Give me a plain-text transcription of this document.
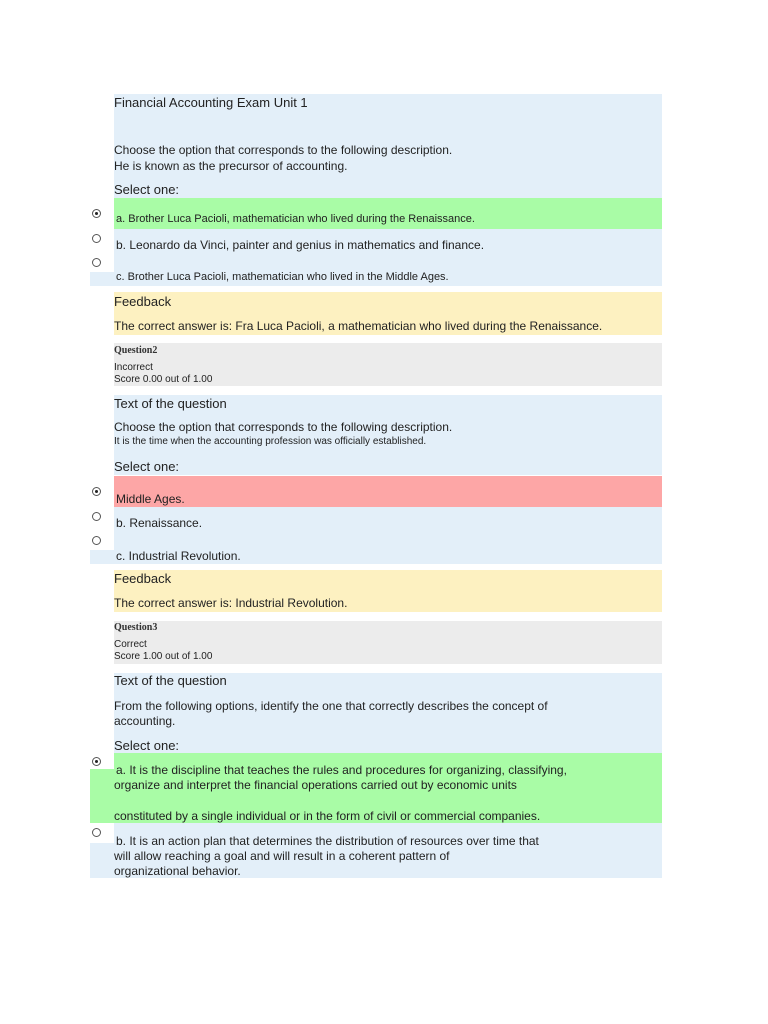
Financial Accounting Exam Unit 1
Choose the option that corresponds to the following description.
He is known as the precursor of accounting.
Select one:
a. Brother Luca Pacioli, mathematician who lived during the Renaissance.
b. Leonardo da Vinci, painter and genius in mathematics and finance.
c. Brother Luca Pacioli, mathematician who lived in the Middle Ages.
Feedback
The correct answer is: Fra Luca Pacioli, a mathematician who lived during the Renaissance.
Question2
Incorrect
Score 0.00 out of 1.00
Text of the question
Choose the option that corresponds to the following description.
It is the time when the accounting profession was officially established.
Select one:
Middle Ages.
b. Renaissance.
c. Industrial Revolution.
Feedback
The correct answer is: Industrial Revolution.
Question3
Correct
Score 1.00 out of 1.00
Text of the question
From the following options, identify the one that correctly describes the concept of
accounting.
Select one:
a. It is the discipline that teaches the rules and procedures for organizing, classifying,
organize and interpret the financial operations carried out by economic units
constituted by a single individual or in the form of civil or commercial companies.
b. It is an action plan that determines the distribution of resources over time that
will allow reaching a goal and will result in a coherent pattern of
organizational behavior.
